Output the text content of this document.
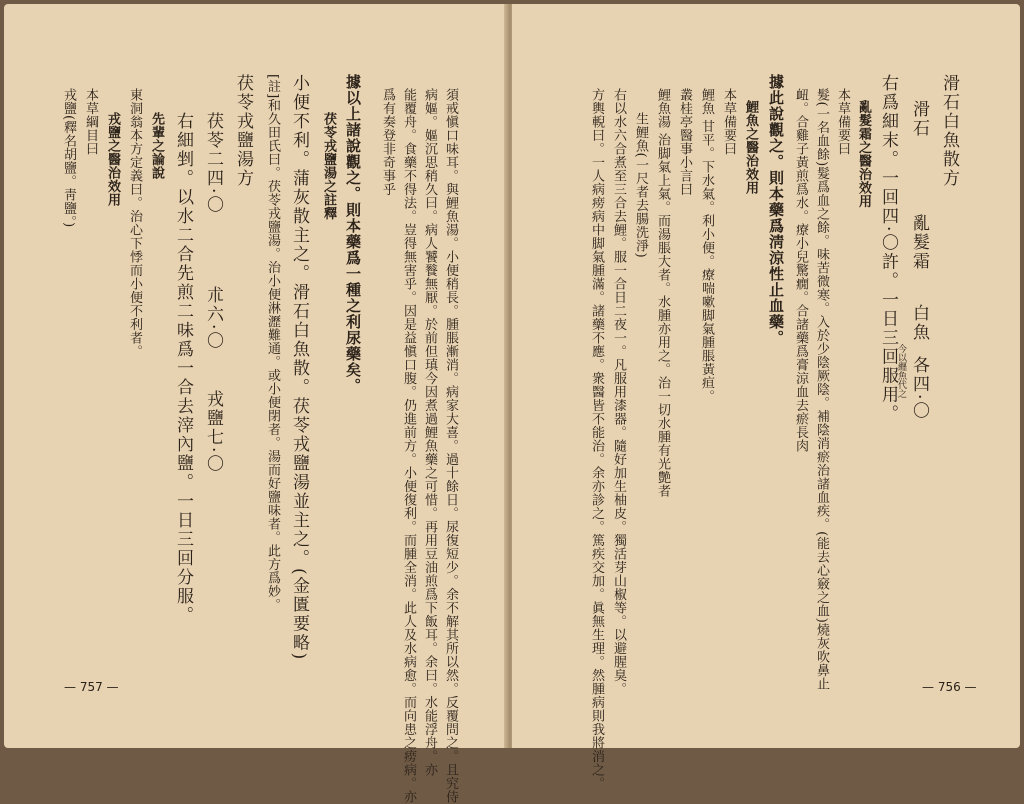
須戒愼口味耳。與鯉魚湯。小便稍長。腫脹漸消。病家大喜。過十餘日。尿復短少。余不解其所以然。反覆問之。且究侍
病嫗。嫗沉思稍久曰。病人饕餮無厭。於前但瑱今因煮過鯉魚藥之可惜。再用豆油煎爲下飯耳。余曰。水能浮舟。亦
能覆舟。食藥不得法。豈得無害乎。因是益愼口腹。仍進前方。小便復利。而腫全消。此人及水病愈。而向患之痨病。亦
爲有奏登非奇事乎
據以上諸說觀之。則本藥爲一種之利尿藥矣。
茯苓戎鹽湯之註釋
小便不利。蒲灰散主之。滑石白魚散。茯苓戎鹽湯並主之。(金匱要略)
[註]和久田氏曰。茯苓戎鹽湯。治小便淋瀝難通。或小便閉者。湯而好鹽味者。此方爲妙。
茯苓戎鹽湯方
茯苓二四·〇
朮六·〇
戎鹽七·〇
右細剉。以水二合先煎二味爲一合去滓內鹽。一日三回分服。
先輩之論說
東洞翁本方定義曰。治心下悸而小便不利者。
戎鹽之醫治效用
本草綱目曰
戎鹽(釋名胡鹽。靑鹽。)
— 757 —
滑石白魚散方
滑石
亂髮霜
白魚
今以纒魚代之 各四·〇
右爲細末。一回四·〇許。一日三回服用。
亂髮霜之醫治效用
本草備要曰
髮(一名血餘)髮爲血之餘。味苦微寒。入於少陰厥陰。補陰消瘀治諸血疾。(能去心竅之血)燒灰吹鼻止
衄。合雞子黃煎爲水。療小兒驚癇。合諸藥爲膏涼血去瘀長肉
據此說觀之。則本藥爲淸涼性止血藥。
鯉魚之醫治效用
本草備要曰
鯉魚 甘平。下水氣。利小便。療喘嗽脚氣腫脹黃疸。
叢桂亭醫事小言曰
鯉魚湯 治脚氣上氣。而湯脹大者。水腫亦用之。治一切水腫有光艶者
生鯉魚(一尺者去腸洗淨)
右以水六合煮至三合去鯉。服一合日二夜一。凡服用漆器。隨好加生柚皮。獨活芽山椒等。以避腥臭。
方輿輗曰。一人病痨病中脚氣腫滿。諸藥不應。衆醫皆不能治。余亦診之。篤疾交加。眞無生理。然腫病則我將消之。	— 756 —
